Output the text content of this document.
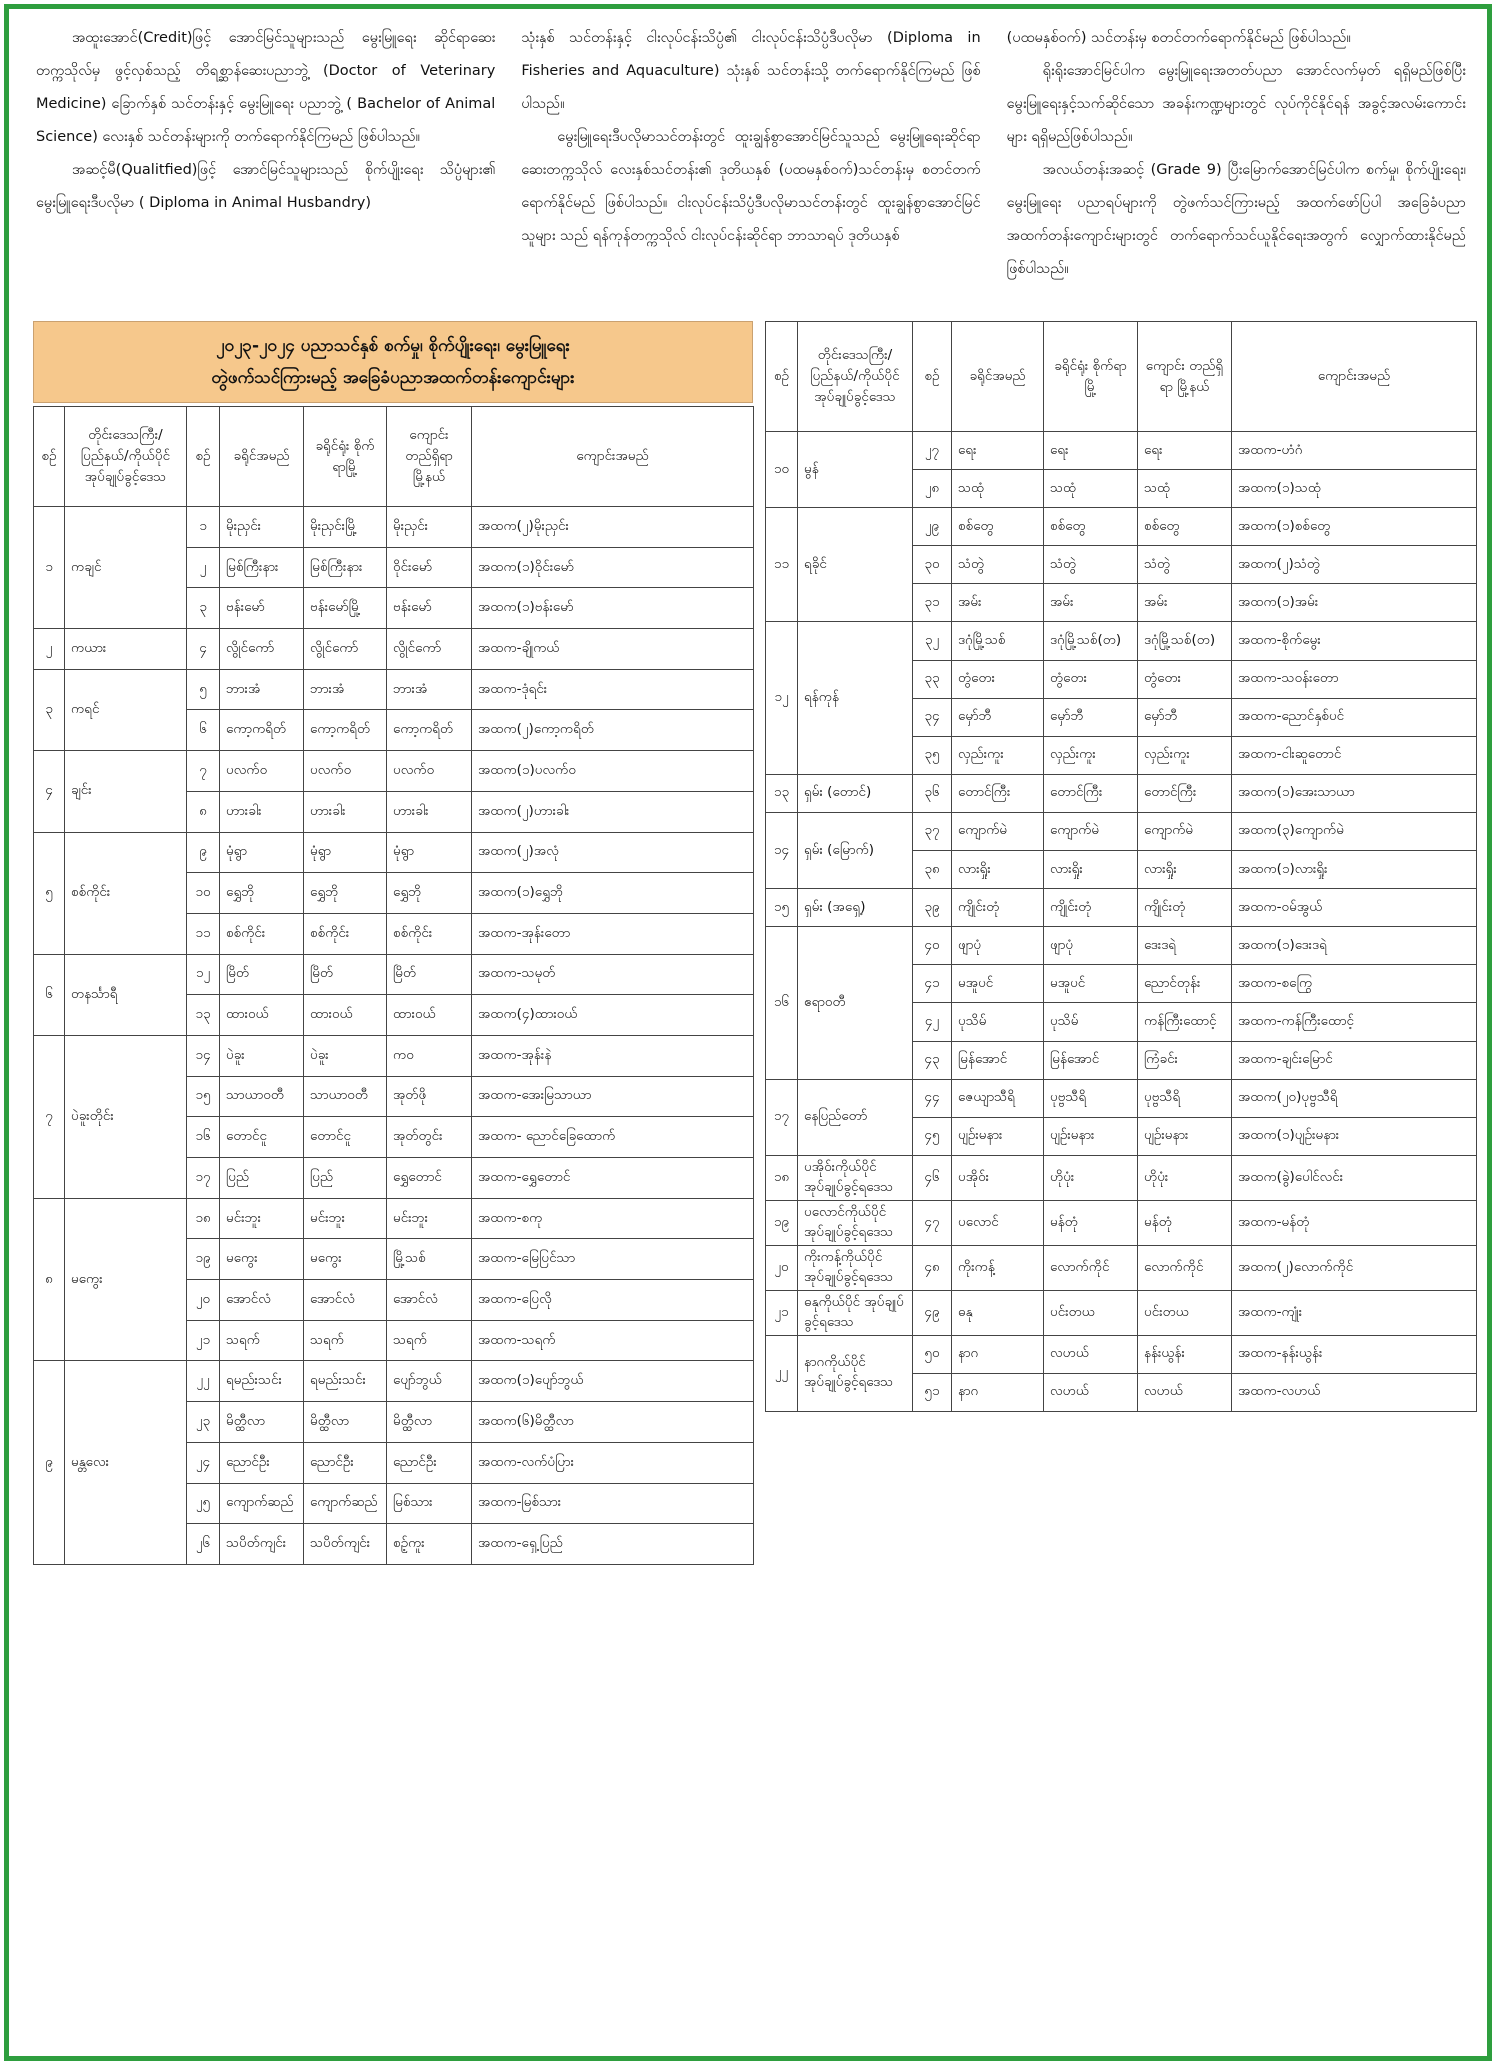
အထူးအောင်(Credit)ဖြင့် အောင်မြင်သူများသည် မွေးမြူရေး ဆိုင်ရာဆေးတက္ကသိုလ်မှ ဖွင့်လှစ်သည့် တိရစ္ဆာန်ဆေးပညာဘွဲ့ (Doctor of Veterinary Medicine) ခြောက်နှစ် သင်တန်းနှင့် မွေးမြူရေး ပညာဘွဲ့ ( Bachelor of Animal Science) လေးနှစ် သင်တန်းများကို တက်ရောက်နိုင်ကြမည် ဖြစ်ပါသည်။

အဆင့်မီ(Qualitfied)ဖြင့် အောင်မြင်သူများသည် စိုက်ပျိုးရေး သိပ္ပံများ၏ မွေးမြူရေးဒီပလိုမာ ( Diploma in Animal Husbandry)

သုံးနှစ် သင်တန်းနှင့် ငါးလုပ်ငန်းသိပ္ပံ၏ ငါးလုပ်ငန်းသိပ္ပံဒီပလိုမာ (Diploma in Fisheries and Aquaculture) သုံးနှစ် သင်တန်းသို့ တက်ရောက်နိုင်ကြမည် ဖြစ်ပါသည်။

မွေးမြူရေးဒီပလိုမာသင်တန်းတွင် ထူးချွန်စွာအောင်မြင်သူသည် မွေးမြူရေးဆိုင်ရာဆေးတက္ကသိုလ် လေးနှစ်သင်တန်း၏ ဒုတိယနှစ် (ပထမနှစ်ဝက်)သင်တန်းမှ စတင်တက်ရောက်နိုင်မည် ဖြစ်ပါသည်။ ငါးလုပ်ငန်းသိပ္ပံဒီပလိုမာသင်တန်းတွင် ထူးချွန်စွာအောင်မြင်သူများ သည် ရန်ကုန်တက္ကသိုလ် ငါးလုပ်ငန်းဆိုင်ရာ ဘာသာရပ် ဒုတိယနှစ်

(ပထမနှစ်ဝက်) သင်တန်းမှ စတင်တက်ရောက်နိုင်မည် ဖြစ်ပါသည်။

ရိုးရိုးအောင်မြင်ပါက မွေးမြူရေးအတတ်ပညာ အောင်လက်မှတ် ရရှိမည်ဖြစ်ပြီး မွေးမြူရေးနှင့်သက်ဆိုင်သော အခန်းကဏ္ဍများတွင် လုပ်ကိုင်နိုင်ရန် အခွင့်အလမ်းကောင်းများ ရရှိမည်ဖြစ်ပါသည်။

အလယ်တန်းအဆင့် (Grade 9) ပြီးမြောက်အောင်မြင်ပါက စက်မှု၊ စိုက်ပျိုးရေး၊ မွေးမြူရေး ပညာရပ်များကို တွဲဖက်သင်ကြားမည့် အထက်ဖော်ပြပါ အခြေခံပညာအထက်တန်းကျောင်းများတွင် တက်ရောက်သင်ယူနိုင်ရေးအတွက် လျှောက်ထားနိုင်မည်ဖြစ်ပါသည်။

၂၀၂၃-၂၀၂၄ ပညာသင်နှစ် စက်မှု၊ စိုက်ပျိုးရေး၊ မွေးမြူရေး
တွဲဖက်သင်ကြားမည့် အခြေခံပညာအထက်တန်းကျောင်းများ
စဉ်	တိုင်းဒေသကြီး/ ပြည်နယ်/ကိုယ်ပိုင် အုပ်ချုပ်ခွင့်ဒေသ	စဉ်	ခရိုင်အမည်	ခရိုင်ရုံး စိုက်ရာမြို့	ကျောင်း တည်ရှိရာ မြို့နယ်	ကျောင်းအမည်
၁	ကချင်	၁	မိုးညှင်း	မိုးညှင်းမြို့	မိုးညှင်း	အထက(၂)မိုးညှင်း
		၂	မြစ်ကြီးနား	မြစ်ကြီးနား	ဝိုင်းမော်	အထက(၁)ဝိုင်းမော်
		၃	ဗန်းမော်	ဗန်းမော်မြို့	ဗန်းမော်	အထက(၁)ဗန်းမော်
၂	ကယား	၄	လွိုင်ကော်	လွိုင်ကော်	လွိုင်ကော်	အထက-ချိုကယ်
၃	ကရင်	၅	ဘားအံ	ဘားအံ	ဘားအံ	အထက-ဒုံရင်း
		၆	ကော့ကရိတ်	ကော့ကရိတ်	ကော့ကရိတ်	အထက(၂)ကော့ကရိတ်
၄	ချင်း	၇	ပလက်ဝ	ပလက်ဝ	ပလက်ဝ	အထက(၁)ပလက်ဝ
		၈	ဟားခါး	ဟားခါး	ဟားခါး	အထက(၂)ဟားခါး
၅	စစ်ကိုင်း	၉	မုံရွာ	မုံရွာ	မုံရွာ	အထက(၂)အလုံ
		၁၀	ရွှေဘို	ရွှေဘို	ရွှေဘို	အထက(၁)ရွှေဘို
		၁၁	စစ်ကိုင်း	စစ်ကိုင်း	စစ်ကိုင်း	အထက-အုန်းတော
၆	တနင်္သာရီ	၁၂	မြိတ်	မြိတ်	မြိတ်	အထက-သမုတ်
		၁၃	ထားဝယ်	ထားဝယ်	ထားဝယ်	အထက(၄)ထားဝယ်
၇	ပဲခူးတိုင်း	၁၄	ပဲခူး	ပဲခူး	ကဝ	အထက-အုန်းနဲ
		၁၅	သာယာဝတီ	သာယာဝတီ	အုတ်ဖို	အထက-အေးမြသာယာ
		၁၆	တောင်ငူ	တောင်ငူ	အုတ်တွင်း	အထက- ညောင်ခြေထောက်
		၁၇	ပြည်	ပြည်	ရွှေတောင်	အထက-ရွှေတောင်
၈	မကွေး	၁၈	မင်းဘူး	မင်းဘူး	မင်းဘူး	အထက-စကု
		၁၉	မကွေး	မကွေး	မြို့သစ်	အထက-မြေပြင်သာ
		၂၀	အောင်လံ	အောင်လံ	အောင်လံ	အထက-ပြေလို
		၂၁	သရက်	သရက်	သရက်	အထက-သရက်
၉	မန္တလေး	၂၂	ရမည်းသင်း	ရမည်းသင်း	ပျော်ဘွယ်	အထက(၁)ပျော်ဘွယ်
		၂၃	မိတ္ထီလာ	မိတ္ထီလာ	မိတ္ထီလာ	အထက(၆)မိတ္ထီလာ
		၂၄	ညောင်ဦး	ညောင်ဦး	ညောင်ဦး	အထက-လက်ပံပြား
		၂၅	ကျောက်ဆည်	ကျောက်ဆည်	မြစ်သား	အထက-မြစ်သား
		၂၆	သပိတ်ကျင်း	သပိတ်ကျင်း	စဉ့်ကူး	အထက-ရှေ့ပြည်
စဉ်	တိုင်းဒေသကြီး/ ပြည်နယ်/ကိုယ်ပိုင် အုပ်ချုပ်ခွင့်ဒေသ	စဉ်	ခရိုင်အမည်	ခရိုင်ရုံး စိုက်ရာမြို့	ကျောင်း တည်ရှိရာ မြို့နယ်	ကျောင်းအမည်
၁၀	မွန်	၂၇	ရေး	ရေး	ရေး	အထက-ဟံဂံ
		၂၈	သထုံ	သထုံ	သထုံ	အထက(၁)သထုံ
၁၁	ရခိုင်	၂၉	စစ်တွေ	စစ်တွေ	စစ်တွေ	အထက(၁)စစ်တွေ
		၃၀	သံတွဲ	သံတွဲ	သံတွဲ	အထက(၂)သံတွဲ
		၃၁	အမ်း	အမ်း	အမ်း	အထက(၁)အမ်း
၁၂	ရန်ကုန်	၃၂	ဒဂုံမြို့သစ်	ဒဂုံမြို့သစ်(တ)	ဒဂုံမြို့သစ်(တ)	အထက-စိုက်မွေး
		၃၃	တွံတေး	တွံတေး	တွံတေး	အထက-သဝန်းတော
		၃၄	မှော်ဘီ	မှော်ဘီ	မှော်ဘီ	အထက-ညောင်နှစ်ပင်
		၃၅	လှည်းကူး	လှည်းကူး	လှည်းကူး	အထက-ငါးဆူတောင်
၁၃	ရှမ်း (တောင်)	၃၆	တောင်ကြီး	တောင်ကြီး	တောင်ကြီး	အထက(၁)အေးသာယာ
၁၄	ရှမ်း (မြောက်)	၃၇	ကျောက်မဲ	ကျောက်မဲ	ကျောက်မဲ	အထက(၃)ကျောက်မဲ
		၃၈	လားရှိုး	လားရှိုး	လားရှိုး	အထက(၁)လားရှိုး
၁၅	ရှမ်း (အရှေ့)	၃၉	ကျိုင်းတုံ	ကျိုင်းတုံ	ကျိုင်းတုံ	အထက-ဝမ်အွယ်
၁၆	ဧရာဝတီ	၄၀	ဖျာပုံ	ဖျာပုံ	ဒေးဒရဲ	အထက(၁)ဒေးဒရဲ
		၄၁	မအူပင်	မအူပင်	ညောင်တုန်း	အထက-စကြွေ
		၄၂	ပုသိမ်	ပုသိမ်	ကန်ကြီးထောင့်	အထက-ကန်ကြီးထောင့်
		၄၃	မြန်အောင်	မြန်အောင်	ကြံခင်း	အထက-ချင်းမြောင်
၁၇	နေပြည်တော်	၄၄	ဇေယျာသီရိ	ပုဗ္ဗသီရိ	ပုဗ္ဗသီရိ	အထက(၂၀)ပုဗ္ဗသီရိ
		၄၅	ပျဉ်းမနား	ပျဉ်းမနား	ပျဉ်းမနား	အထက(၁)ပျဉ်းမနား
၁၈	ပအိုဝ်းကိုယ်ပိုင် အုပ်ချုပ်ခွင့်ရဒေသ	၄၆	ပအိုဝ်း	ဟိုပုံး	ဟိုပုံး	အထက(ခွဲ)ပေါင်လင်း
၁၉	ပလောင်ကိုယ်ပိုင် အုပ်ချုပ်ခွင့်ရဒေသ	၄၇	ပလောင်	မန်တုံ	မန်တုံ	အထက-မန်တုံ
၂၀	ကိုးကန့်ကိုယ်ပိုင် အုပ်ချုပ်ခွင့်ရဒေသ	၄၈	ကိုးကန့်	လောက်ကိုင်	လောက်ကိုင်	အထက(၂)လောက်ကိုင်
၂၁	ဓနုကိုယ်ပိုင် အုပ်ချုပ်ခွင့်ရဒေသ	၄၉	ဓနု	ပင်းတယ	ပင်းတယ	အထက-ကျုံး
၂၂	နာဂကိုယ်ပိုင် အုပ်ချုပ်ခွင့်ရဒေသ	၅၀	နာဂ	လဟယ်	နန်းယွန်း	အထက-နန်းယွန်း
		၅၁	နာဂ	လဟယ်	လဟယ်	အထက-လဟယ်
